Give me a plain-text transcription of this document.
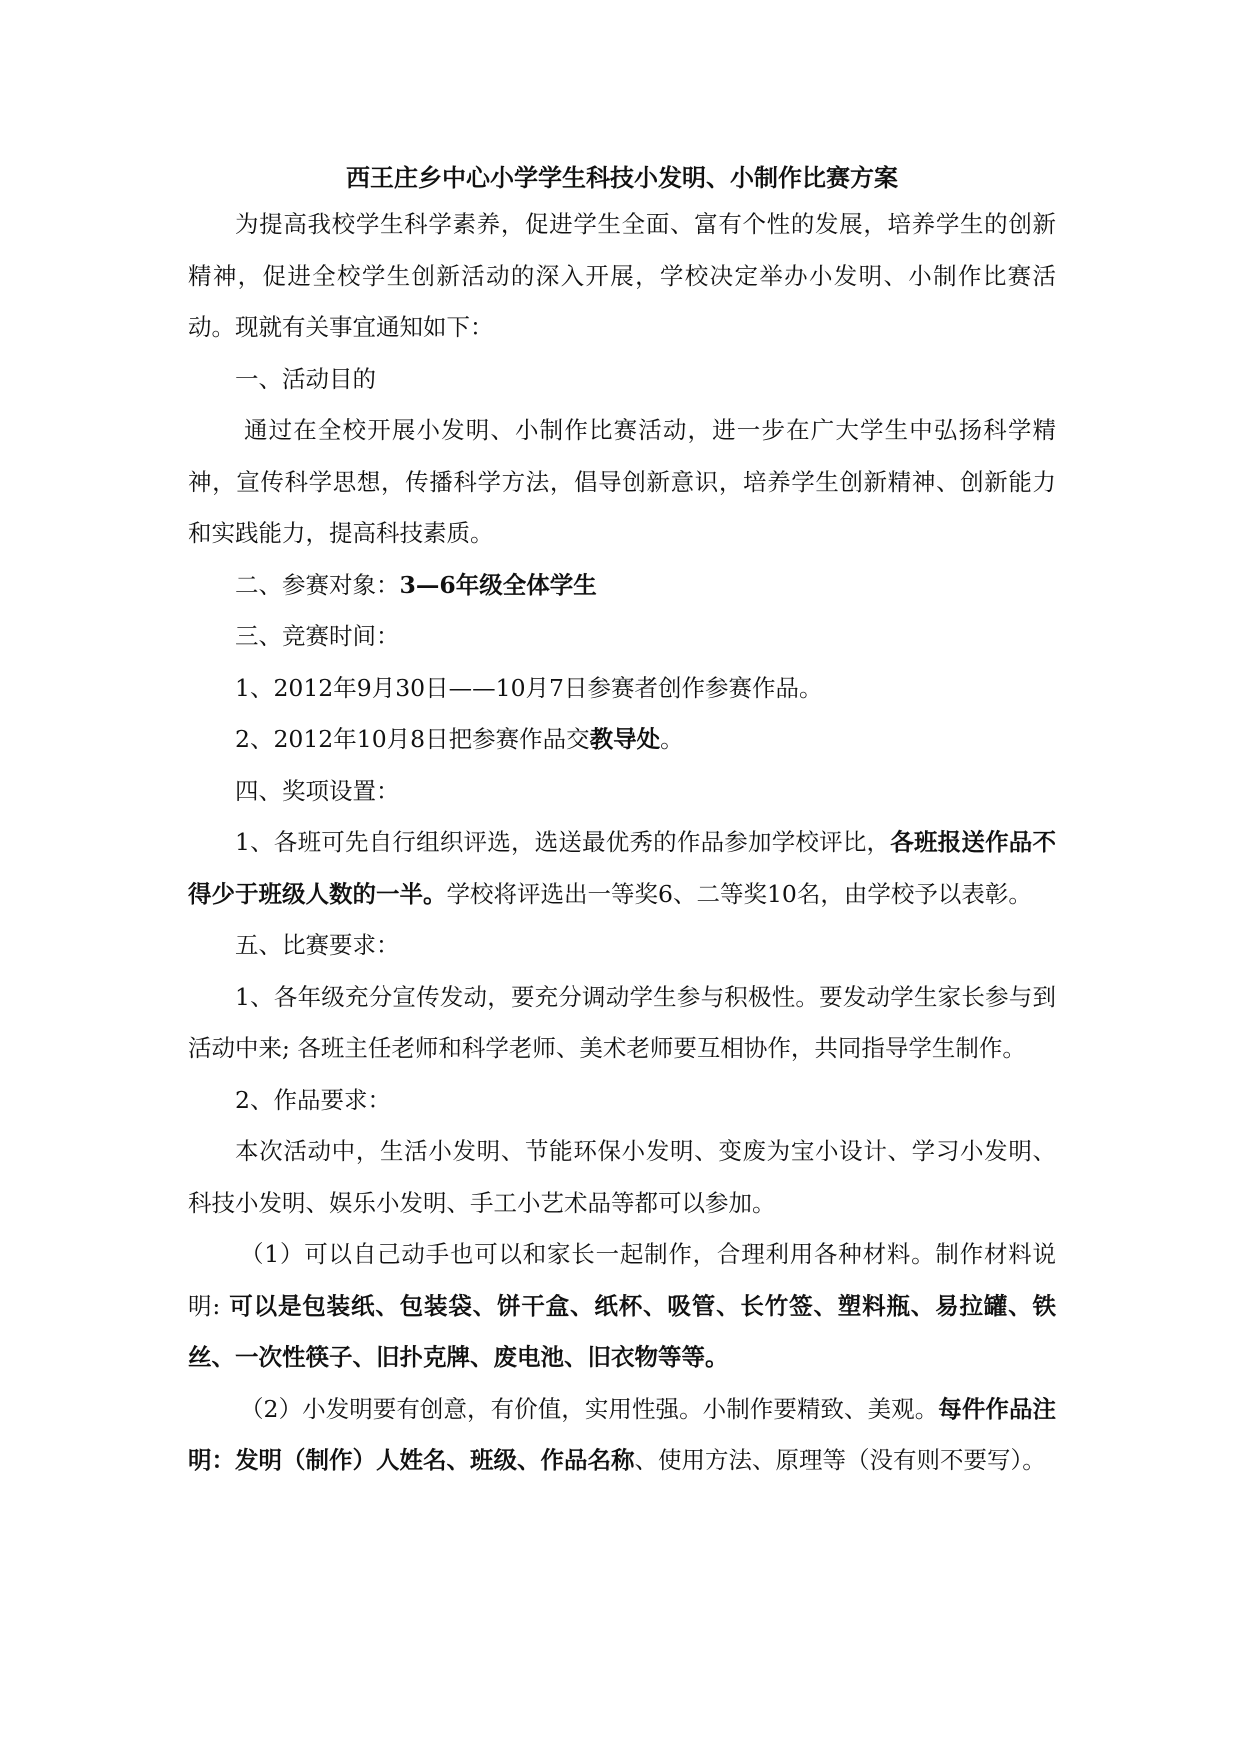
西王庄乡中心小学学生科技小发明、小制作比赛方案

为提高我校学生科学素养，促进学生全面、富有个性的发展，培养学生的创新精神，促进全校学生创新活动的深入开展，学校决定举办小发明、小制作比赛活动。现就有关事宜通知如下：

一、活动目的

通过在全校开展小发明、小制作比赛活动，进一步在广大学生中弘扬科学精神，宣传科学思想，传播科学方法，倡导创新意识，培养学生创新精神、创新能力和实践能力，提高科技素质。

二、参赛对象：3—6年级全体学生

三、竞赛时间：

1、2012年9月30日——10月7日参赛者创作参赛作品。

2、2012年10月8日把参赛作品交教导处。

四、奖项设置：

1、各班可先自行组织评选，选送最优秀的作品参加学校评比，各班报送作品不得少于班级人数的一半。学校将评选出一等奖6、二等奖10名，由学校予以表彰。

五、比赛要求：

1、各年级充分宣传发动，要充分调动学生参与积极性。要发动学生家长参与到活动中来; 各班主任老师和科学老师、美术老师要互相协作，共同指导学生制作。

2、作品要求：

本次活动中，生活小发明、节能环保小发明、变废为宝小设计、学习小发明、科技小发明、娱乐小发明、手工小艺术品等都可以参加。

（1）可以自己动手也可以和家长一起制作，合理利用各种材料。制作材料说明: 可以是包装纸、包装袋、饼干盒、纸杯、吸管、长竹签、塑料瓶、易拉罐、铁丝、一次性筷子、旧扑克牌、废电池、旧衣物等等。

（2）小发明要有创意，有价值，实用性强。小制作要精致、美观。每件作品注明：发明（制作）人姓名、班级、作品名称、使用方法、原理等（没有则不要写）。
